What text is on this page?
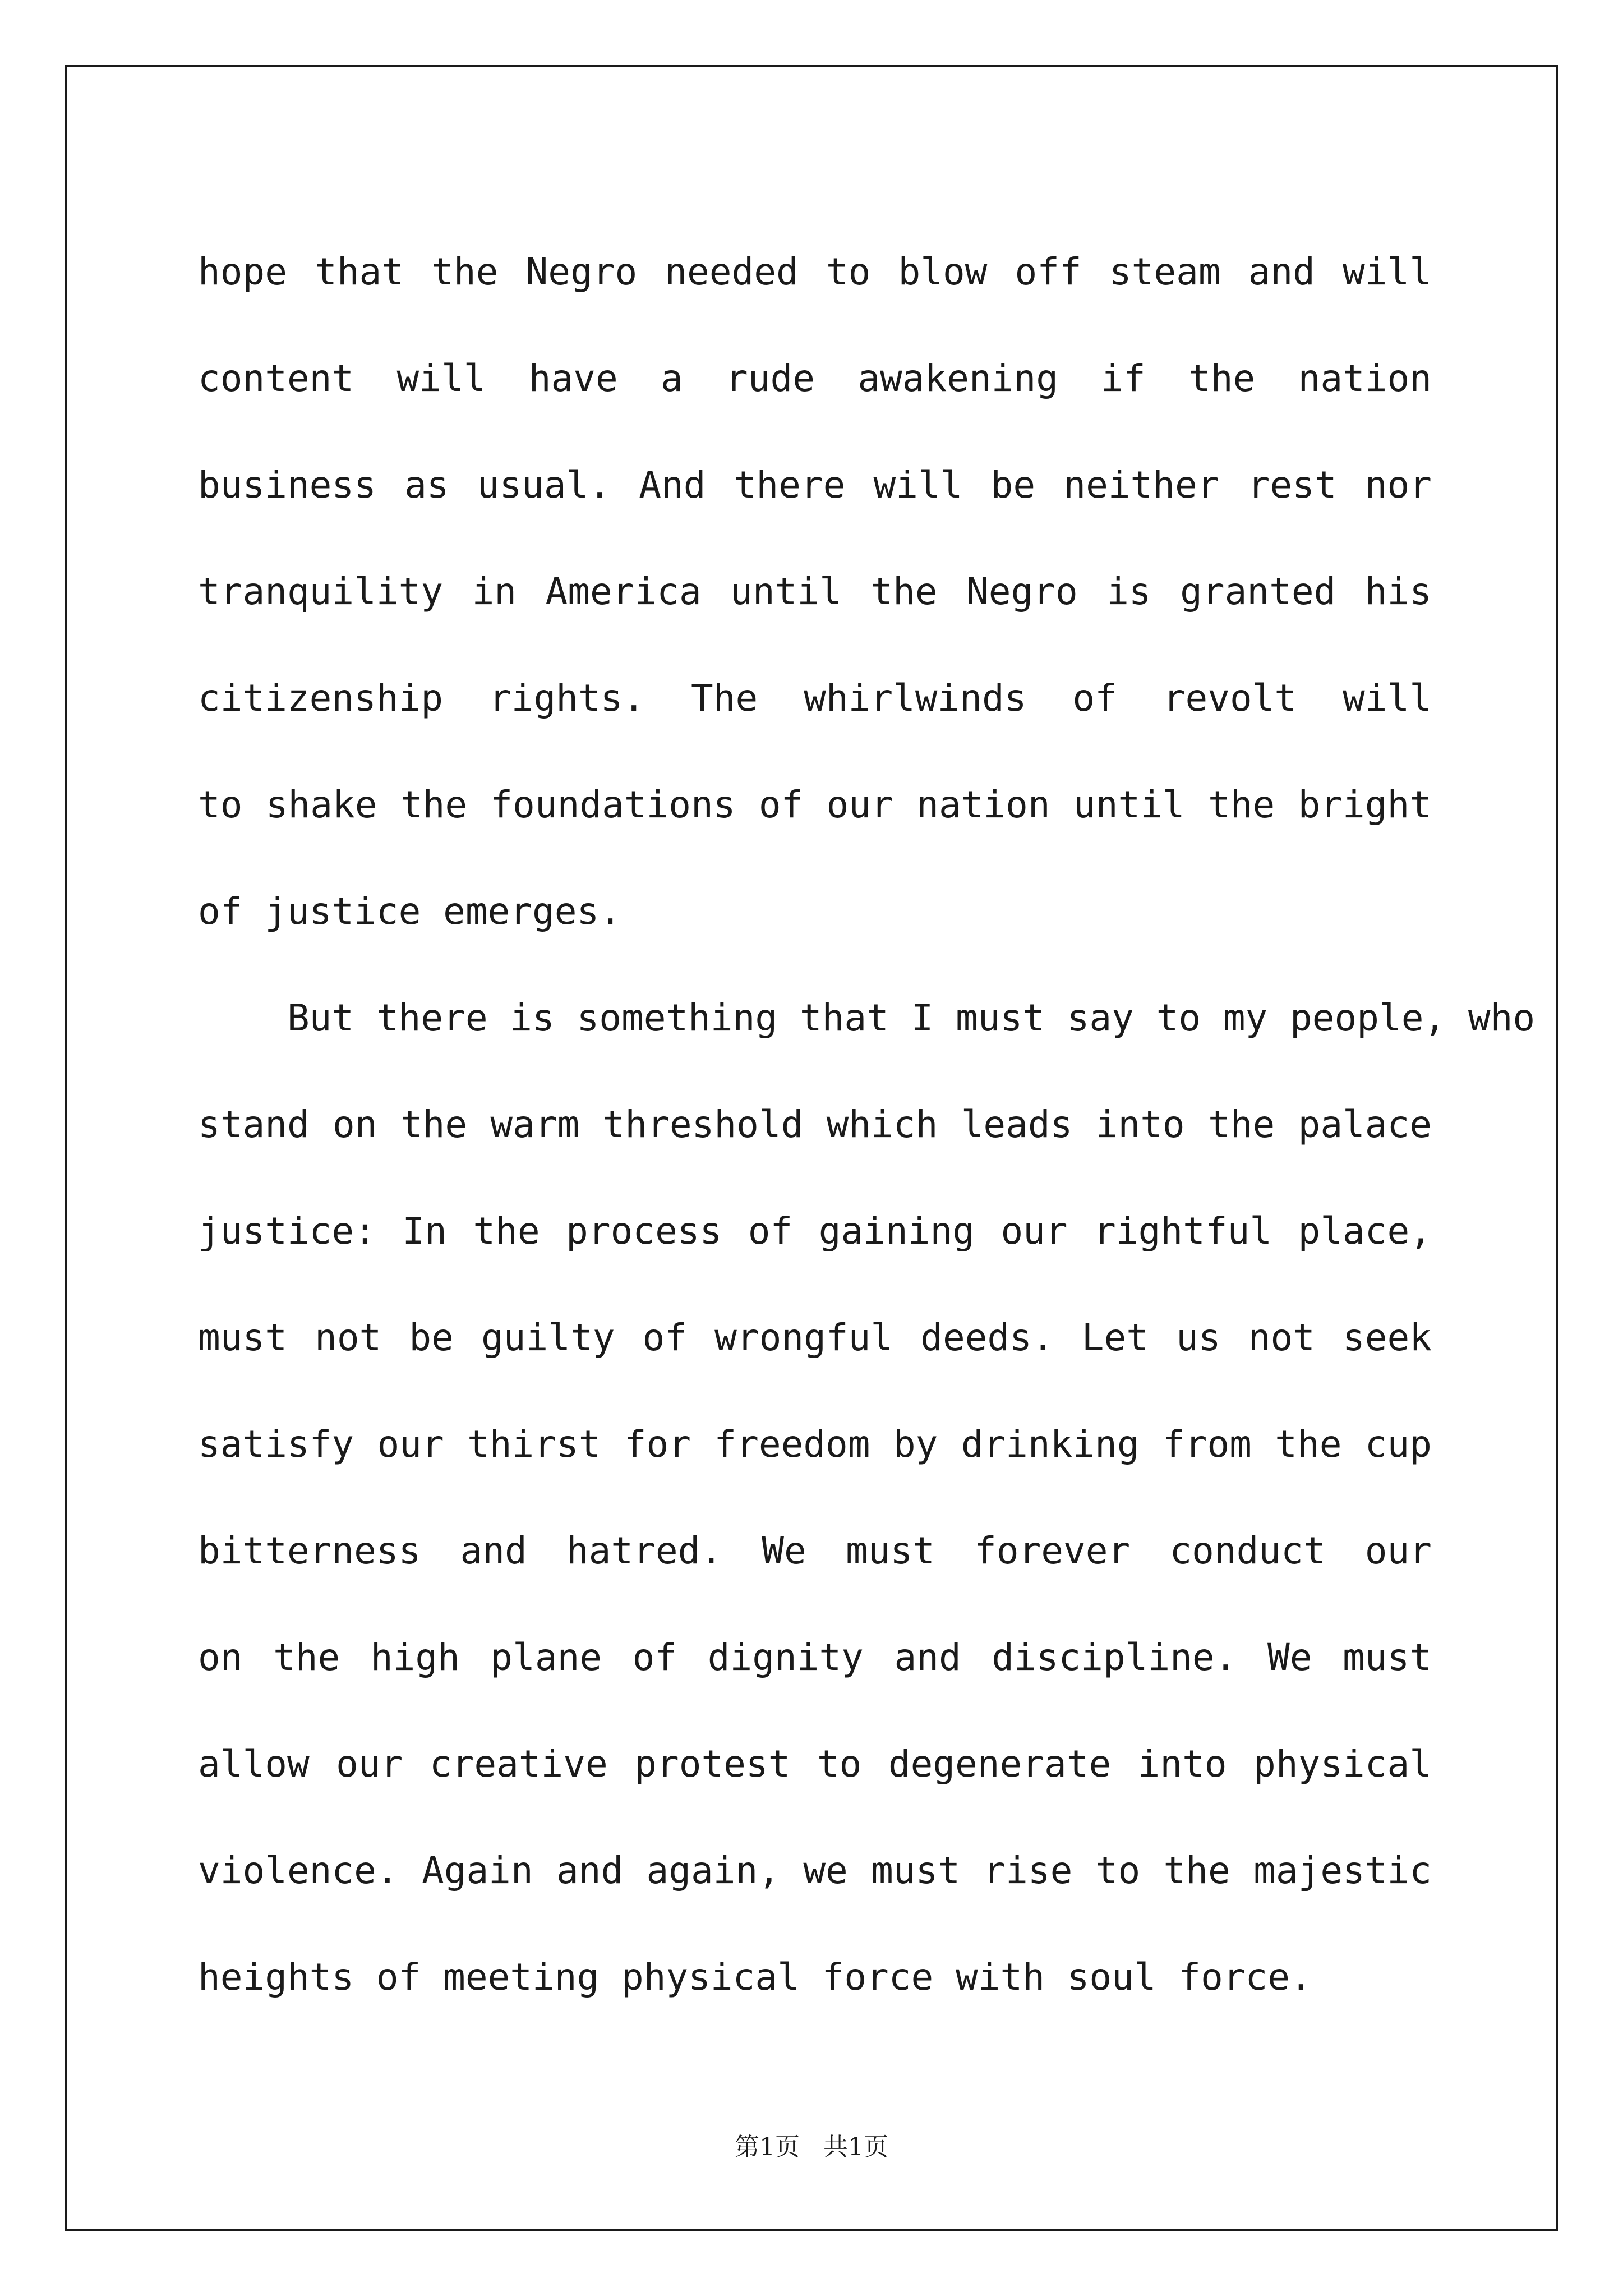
hope that the Negro needed to blow off steam and will
content will have a rude awakening if the nation
business as usual. And there will be neither rest nor
tranquility in America until the Negro is granted his
citizenship rights. The whirlwinds of revolt will
to shake the foundations of our nation until the bright
of justice emerges.
But there is something that I must say to my people, who
stand on the warm threshold which leads into the palace
justice: In the process of gaining our rightful place,
must not be guilty of wrongful deeds. Let us not seek
satisfy our thirst for freedom by drinking from the cup
bitterness and hatred. We must forever conduct our
on the high plane of dignity and discipline. We must
allow our creative protest to degenerate into physical
violence. Again and again, we must rise to the majestic
heights of meeting physical force with soul force.
第1页   共1页
